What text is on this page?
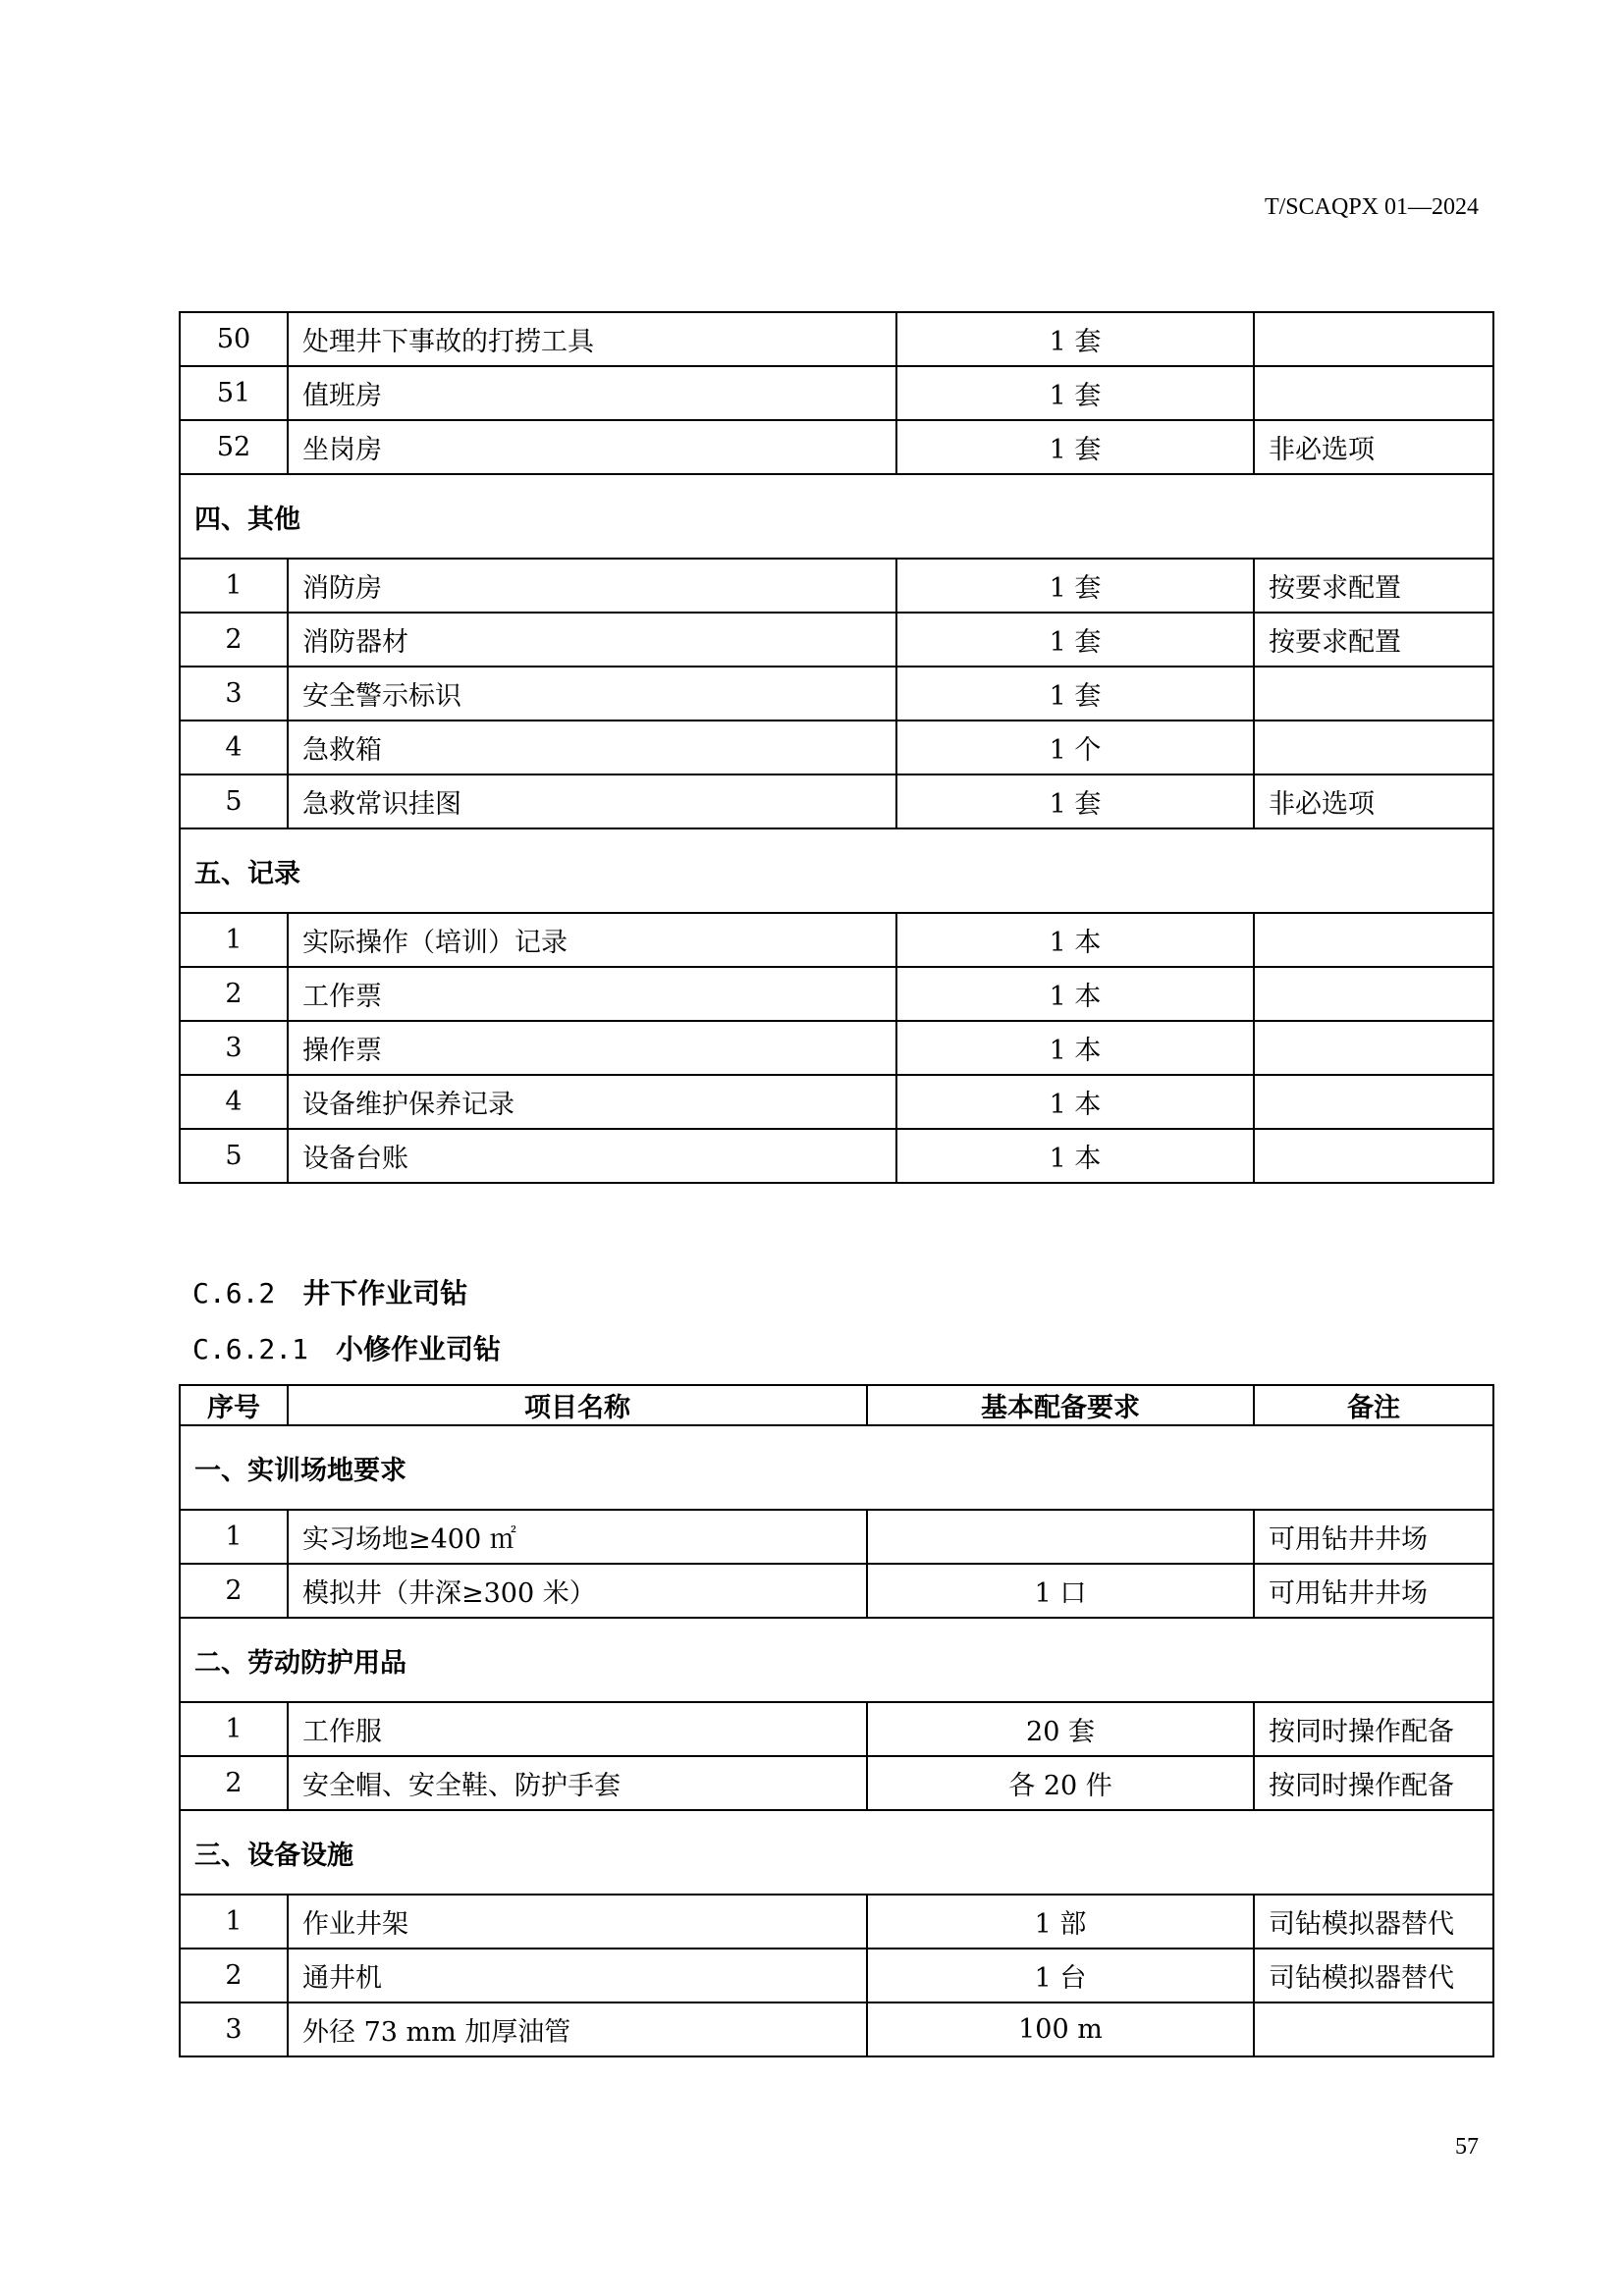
T/SCAQPX 01—2024
50	处理井下事故的打捞工具	1 套	
51	值班房	1 套	
52	坐岗房	1 套	非必选项
四、其他			
1	消防房	1 套	按要求配置
2	消防器材	1 套	按要求配置
3	安全警示标识	1 套	
4	急救箱	1 个	
5	急救常识挂图	1 套	非必选项
五、记录			
1	实际操作（培训）记录	1 本	
2	工作票	1 本	
3	操作票	1 本	
4	设备维护保养记录	1 本	
5	设备台账	1 本	
C.6.2 井下作业司钻
C.6.2.1 小修作业司钻
序号	项目名称	基本配备要求	备注
一、实训场地要求			
1	实习场地≥400 ㎡		可用钻井井场
2	模拟井（井深≥300 米）	1 口	可用钻井井场
二、劳动防护用品			
1	工作服	20 套	按同时操作配备
2	安全帽、安全鞋、防护手套	各 20 件	按同时操作配备
三、设备设施			
1	作业井架	1 部	司钻模拟器替代
2	通井机	1 台	司钻模拟器替代
3	外径 73 mm 加厚油管	100 m	
57
